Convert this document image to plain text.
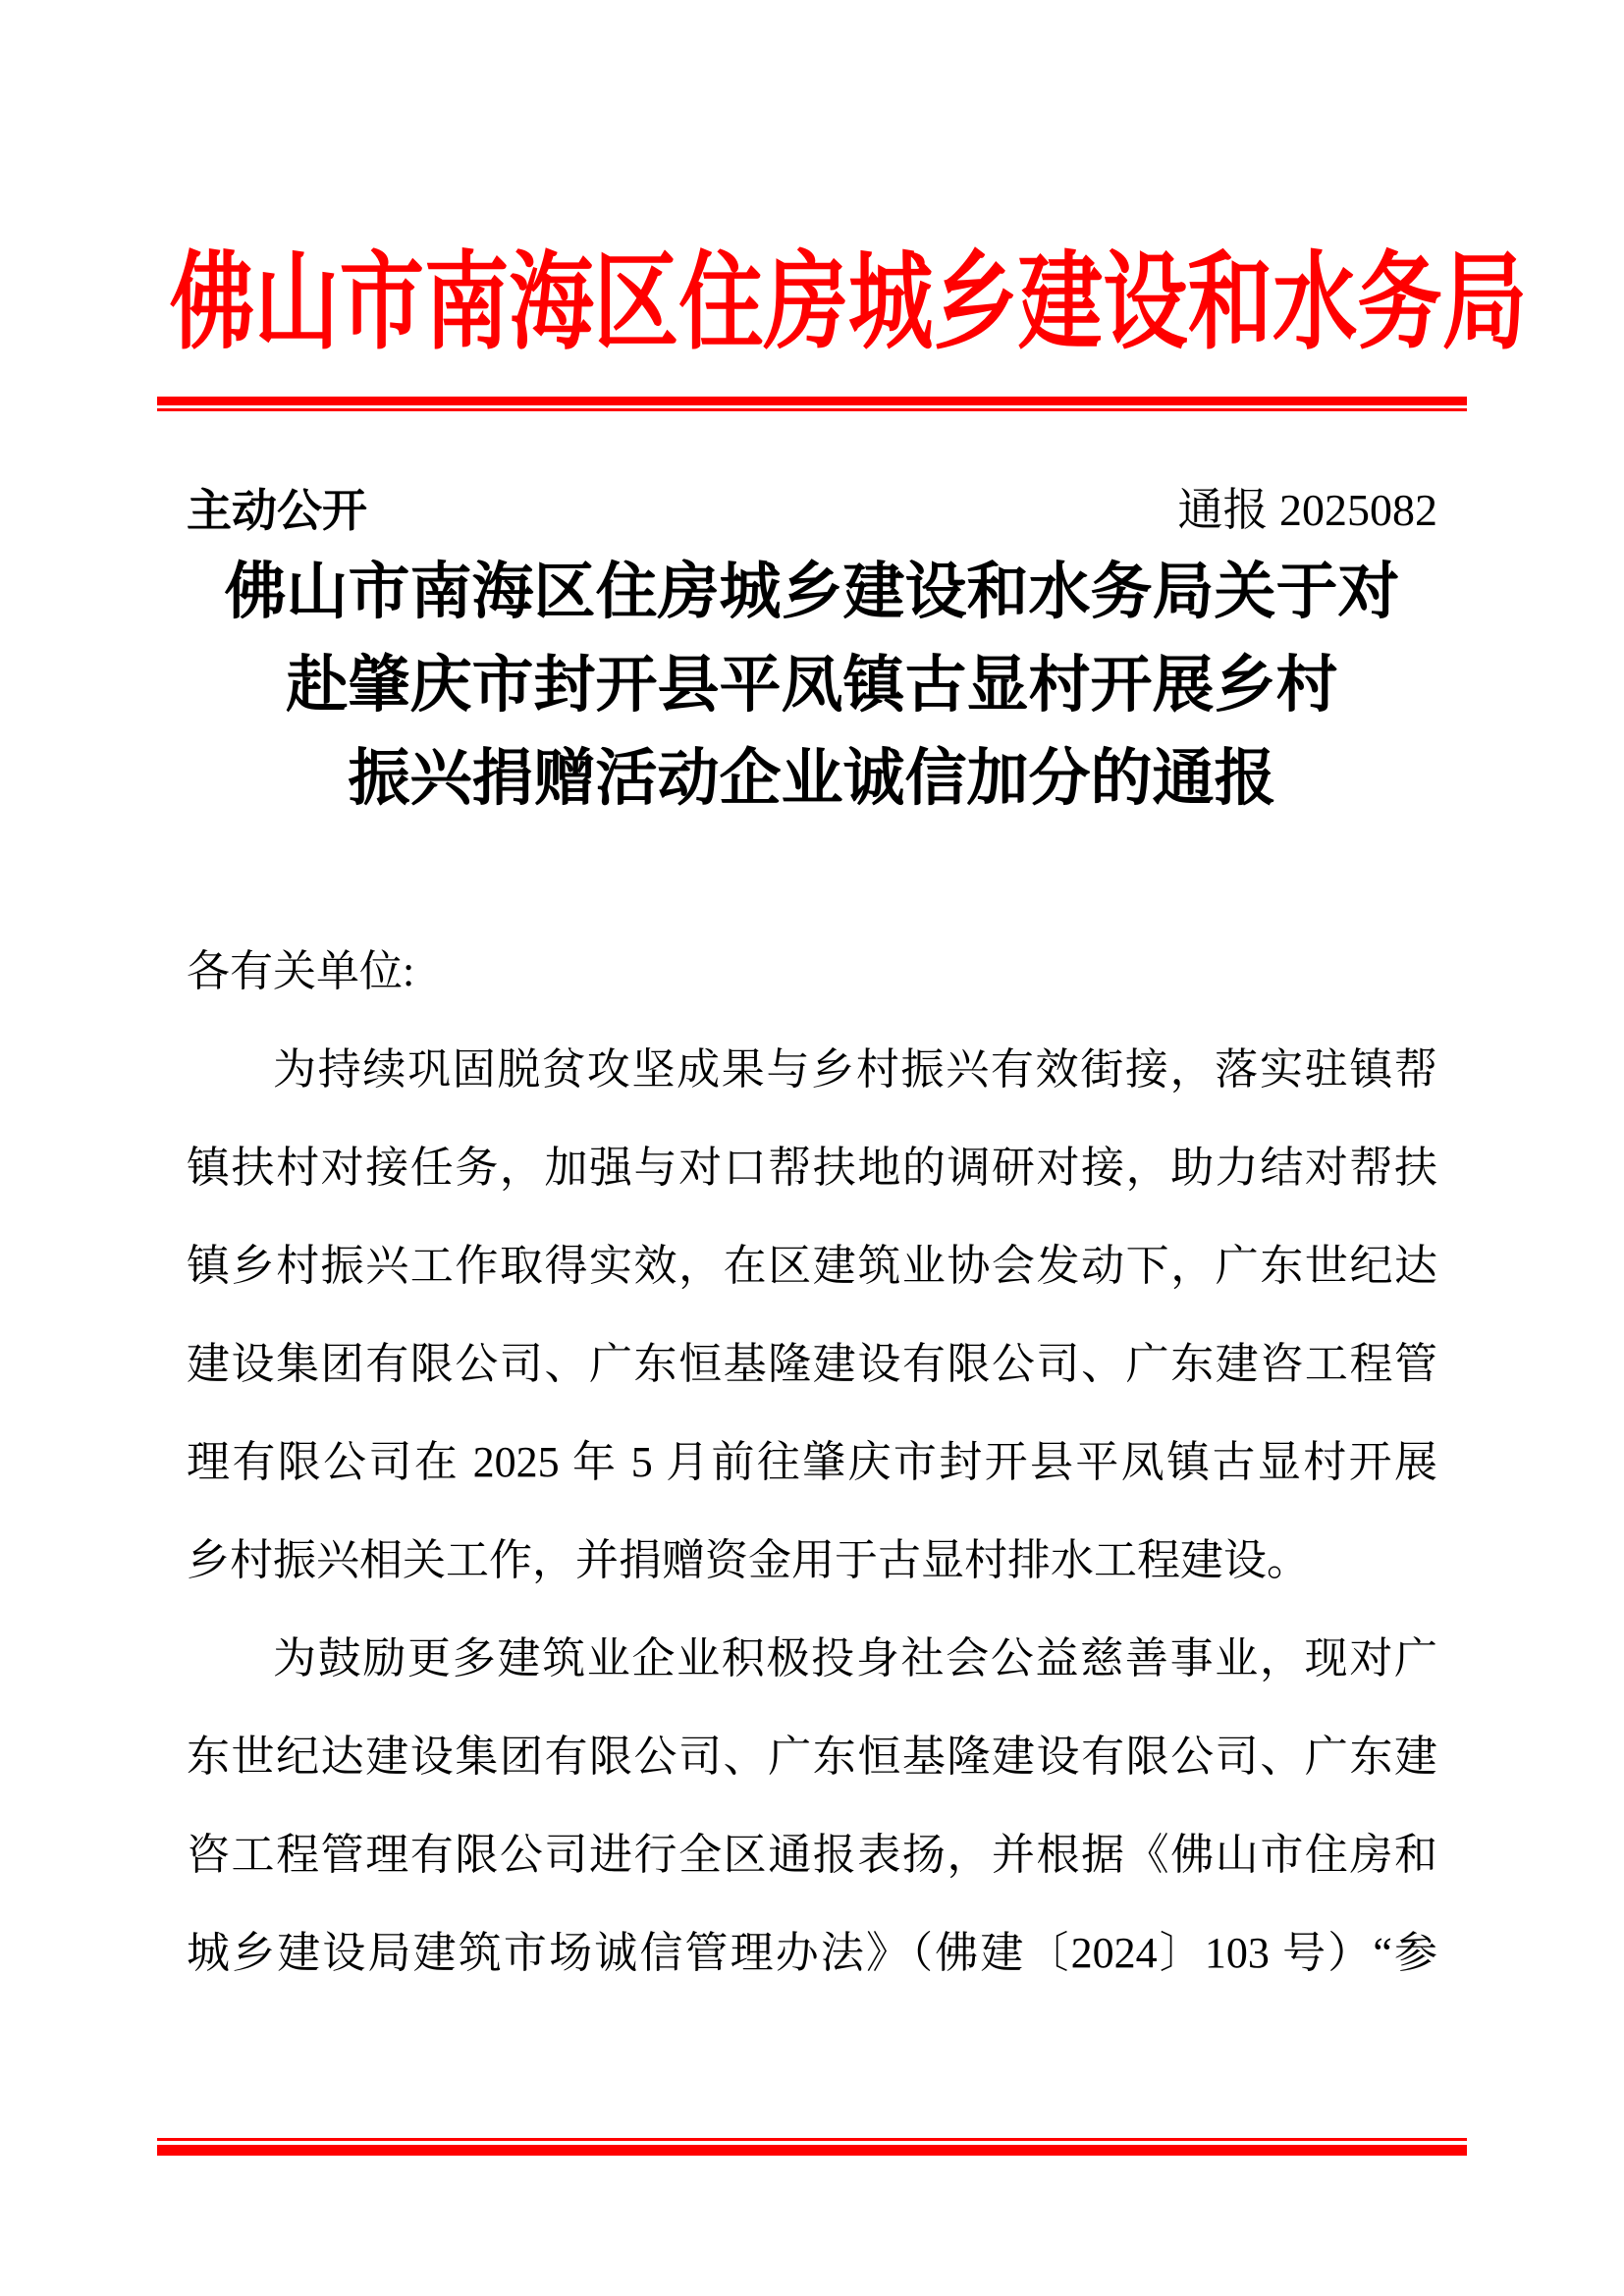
佛山市南海区住房城乡建设和水务局
主动公开	通报 2025082
佛山市南海区住房城乡建设和水务局关于对
赴肇庆市封开县平凤镇古显村开展乡村
振兴捐赠活动企业诚信加分的通报
各有关单位:
为持续巩固脱贫攻坚成果与乡村振兴有效街接，落实驻镇帮
镇扶村对接任务，加强与对口帮扶地的调研对接，助力结对帮扶
镇乡村振兴工作取得实效，在区建筑业协会发动下，广东世纪达
建设集团有限公司、广东恒基隆建设有限公司、广东建咨工程管
理有限公司在 2025 年 5 月前往肇庆市封开县平凤镇古显村开展
乡村振兴相关工作，并捐赠资金用于古显村排水工程建设。
为鼓励更多建筑业企业积极投身社会公益慈善事业，现对广
东世纪达建设集团有限公司、广东恒基隆建设有限公司、广东建
咨工程管理有限公司进行全区通报表扬，并根据《佛山市住房和
城乡建设局建筑市场诚信管理办法》（佛建〔2024〕103 号）“参
